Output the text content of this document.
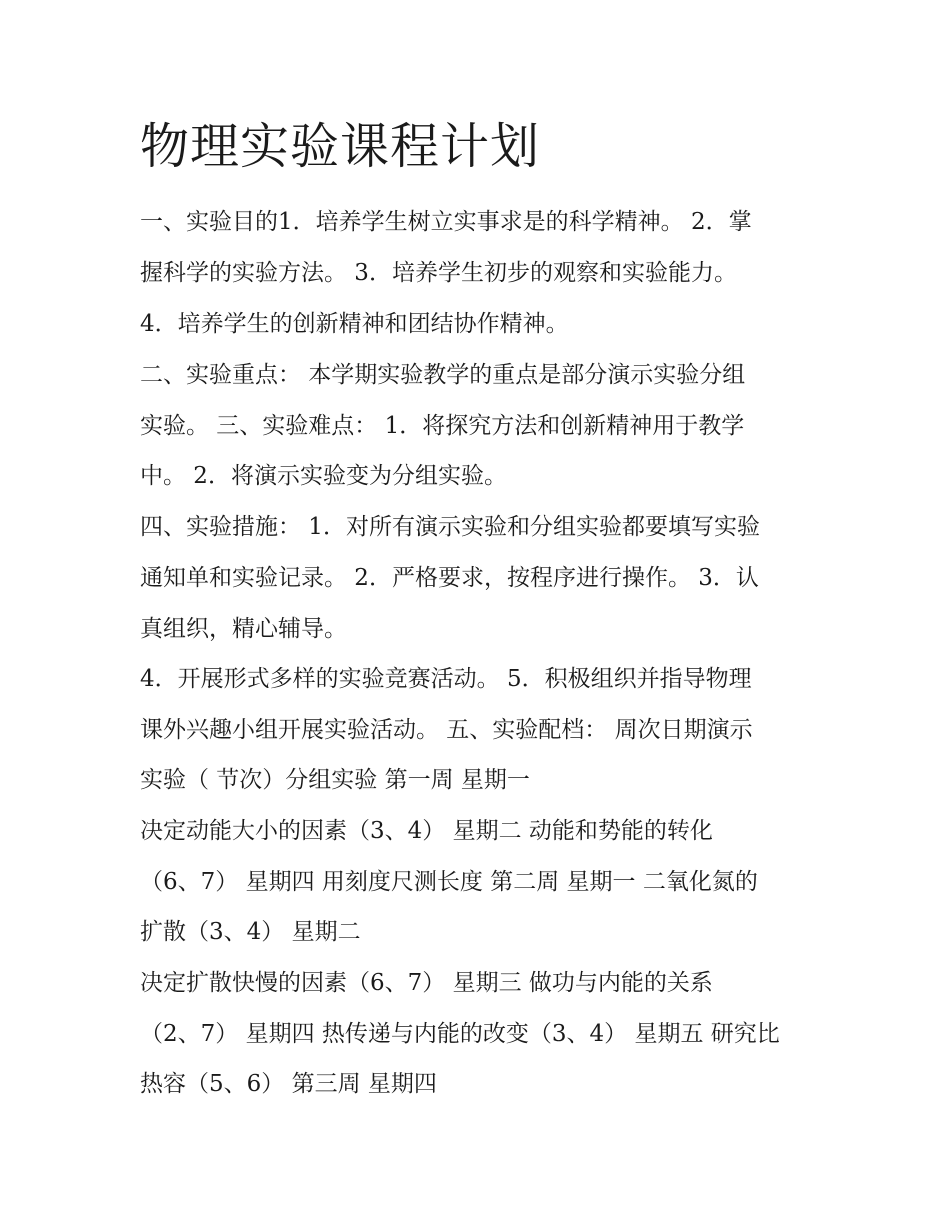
物理实验课程计划

一、实验目的1．培养学生树立实事求是的科学精神。 2．掌

握科学的实验方法。 3．培养学生初步的观察和实验能力。

4．培养学生的创新精神和团结协作精神。

二、实验重点： 本学期实验教学的重点是部分演示实验分组

实验。 三、实验难点： 1．将探究方法和创新精神用于教学

中。 2．将演示实验变为分组实验。

四、实验措施： 1．对所有演示实验和分组实验都要填写实验

通知单和实验记录。 2．严格要求，按程序进行操作。 3．认

真组织，精心辅导。

4．开展形式多样的实验竞赛活动。 5．积极组织并指导物理

课外兴趣小组开展实验活动。 五、实验配档： 周次日期演示

实验（ 节次）分组实验 第一周 星期一

决定动能大小的因素（3、4） 星期二 动能和势能的转化

（6、7） 星期四 用刻度尺测长度 第二周 星期一 二氧化氮的

扩散（3、4） 星期二

决定扩散快慢的因素（6、7） 星期三 做功与内能的关系

（2、7） 星期四 热传递与内能的改变（3、4） 星期五 研究比

热容（5、6） 第三周 星期四
